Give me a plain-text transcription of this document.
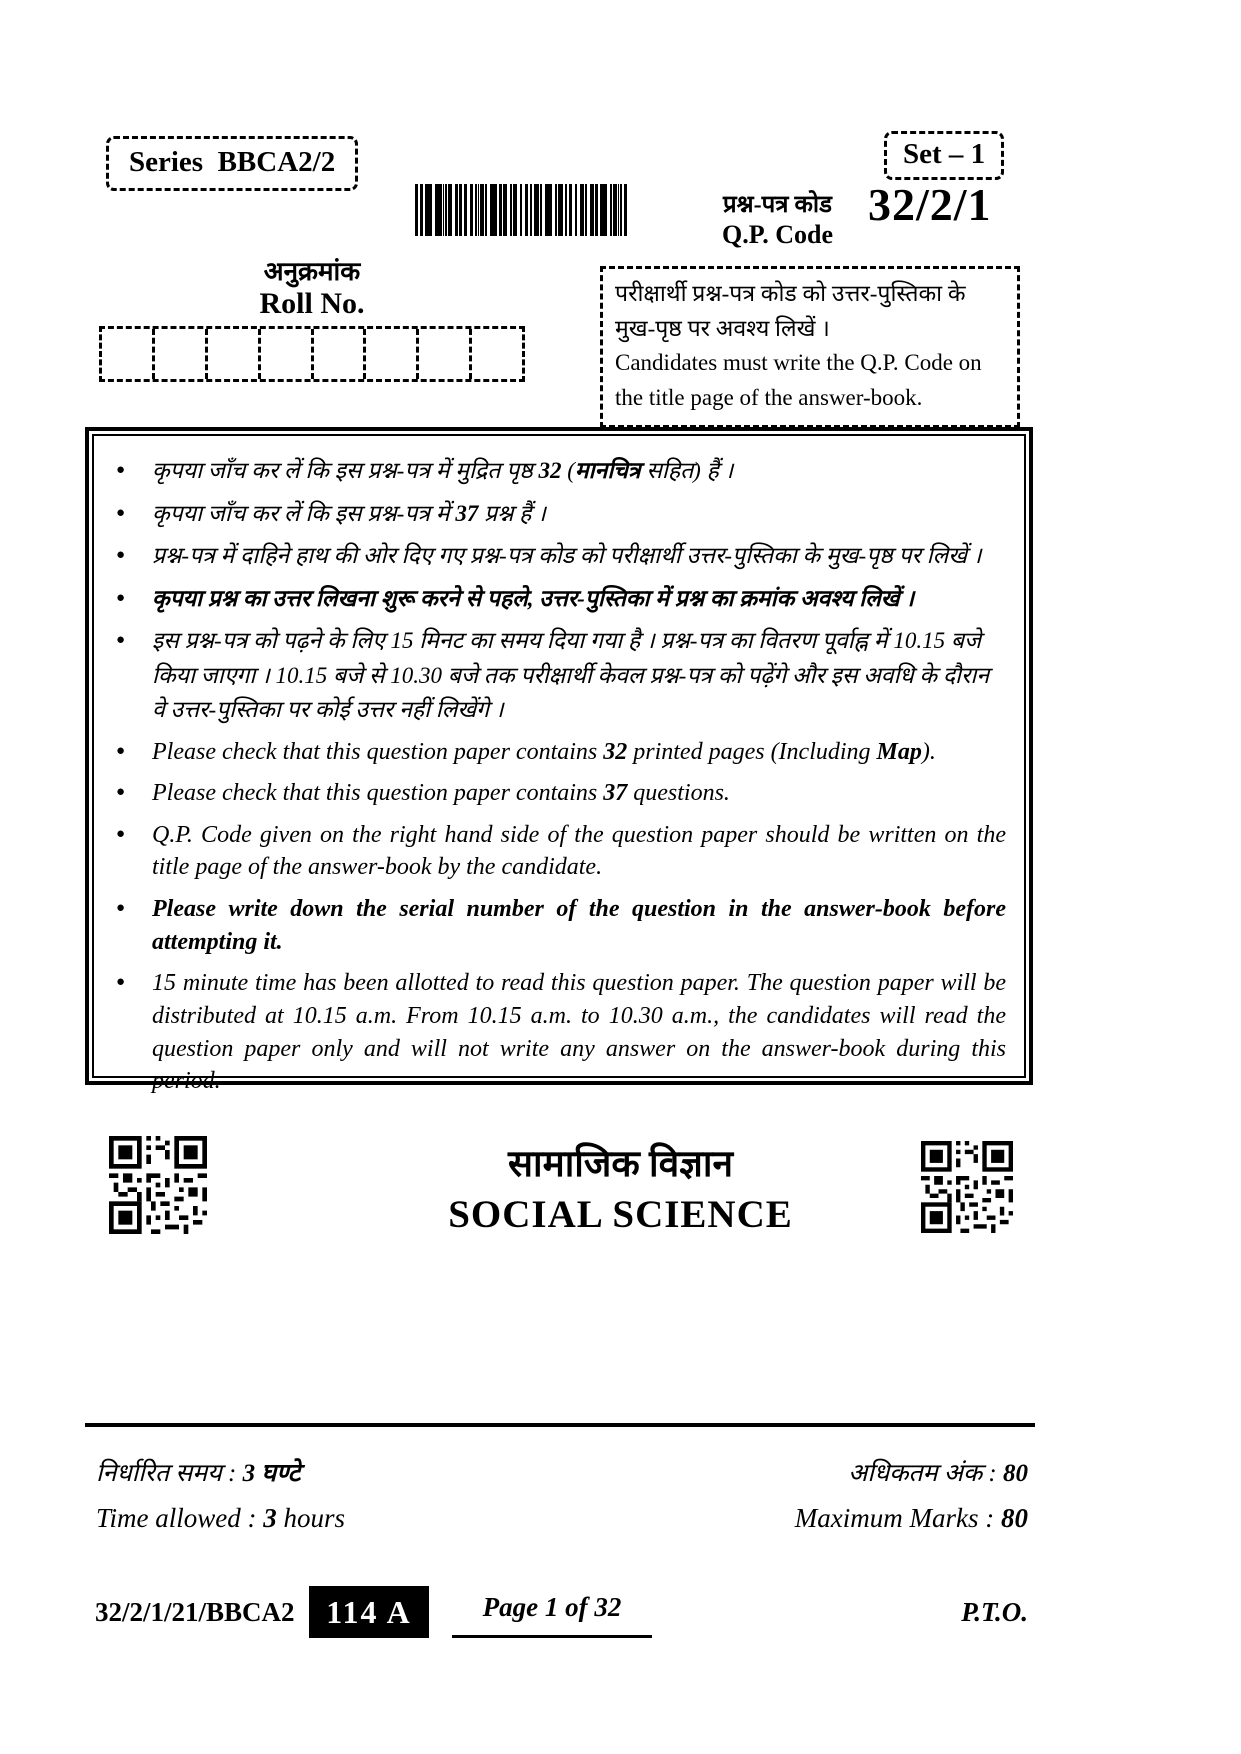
Series  BBCA2/2	Set – 1
प्रश्न-पत्र कोड
Q.P. Code
32/2/1
अनुक्रमांक
Roll No.	परीक्षार्थी प्रश्न-पत्र कोड को उत्तर-पुस्तिका के मुख-पृष्ठ पर अवश्य लिखें ।
Candidates must write the Q.P. Code on the title page of the answer-book.
● कृपया जाँच कर लें कि इस प्रश्न-पत्र में मुद्रित पृष्ठ 32 (मानचित्र सहित) हैं ।
● कृपया जाँच कर लें कि इस प्रश्न-पत्र में 37 प्रश्न हैं ।
● प्रश्न-पत्र में दाहिने हाथ की ओर दिए गए प्रश्न-पत्र कोड को परीक्षार्थी उत्तर-पुस्तिका के मुख-पृष्ठ पर लिखें ।
● कृपया प्रश्न का उत्तर लिखना शुरू करने से पहले, उत्तर-पुस्तिका में प्रश्न का क्रमांक अवश्य लिखें ।
● इस प्रश्न-पत्र को पढ़ने के लिए 15 मिनट का समय दिया गया है । प्रश्न-पत्र का वितरण पूर्वाह्न में 10.15 बजे किया जाएगा । 10.15 बजे से 10.30 बजे तक परीक्षार्थी केवल प्रश्न-पत्र को पढ़ेंगे और इस अवधि के दौरान वे उत्तर-पुस्तिका पर कोई उत्तर नहीं लिखेंगे ।
● Please check that this question paper contains 32 printed pages (Including Map).
● Please check that this question paper contains 37 questions.
● Q.P. Code given on the right hand side of the question paper should be written on the title page of the answer-book by the candidate.
● Please write down the serial number of the question in the answer-book before attempting it.
● 15 minute time has been allotted to read this question paper. The question paper will be distributed at 10.15 a.m. From 10.15 a.m. to 10.30 a.m., the candidates will read the question paper only and will not write any answer on the answer-book during this period.
सामाजिक विज्ञान
SOCIAL SCIENCE
निर्धारित समय : 3 घण्टे
Time allowed : 3 hours
अधिकतम अंक : 80
Maximum Marks : 80
32/2/1/21/BBCA2 114 A	Page 1 of 32	P.T.O.
